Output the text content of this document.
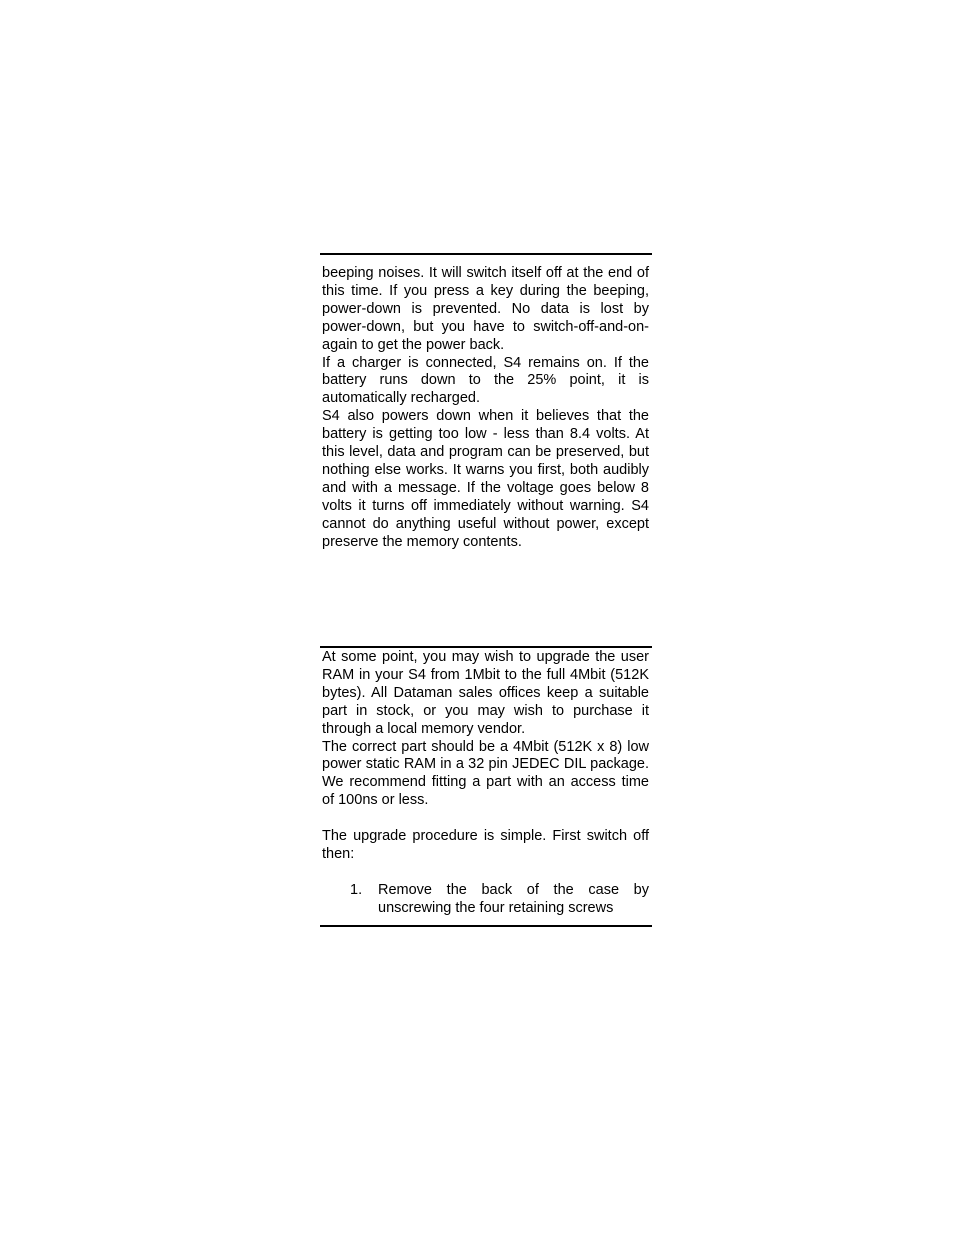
beeping noises. It will switch itself off at the end of this time. If you press a key during the beeping, power-down is prevented. No data is lost by power-down, but you have to switch-off-and-on-again to get the power back.

If a charger is connected, S4 remains on. If the battery runs down to the 25% point, it is automatically recharged.

S4 also powers down when it believes that the battery is getting too low - less than 8.4 volts. At this level, data and program can be preserved, but nothing else works. It warns you first, both audibly and with a message. If the voltage goes below 8 volts it turns off immediately without warning. S4 cannot do anything useful without power, except preserve the memory contents.

At some point, you may wish to upgrade the user RAM in your S4 from 1Mbit to the full 4Mbit (512K bytes). All Dataman sales offices keep a suitable part in stock, or you may wish to purchase it through a local memory vendor.

The correct part should be a 4Mbit (512K x 8) low power static RAM in a 32 pin JEDEC DIL package. We recommend fitting a part with an access time of 100ns or less.

The upgrade procedure is simple. First switch off then:

1. Remove the back of the case by unscrewing the four retaining screws
